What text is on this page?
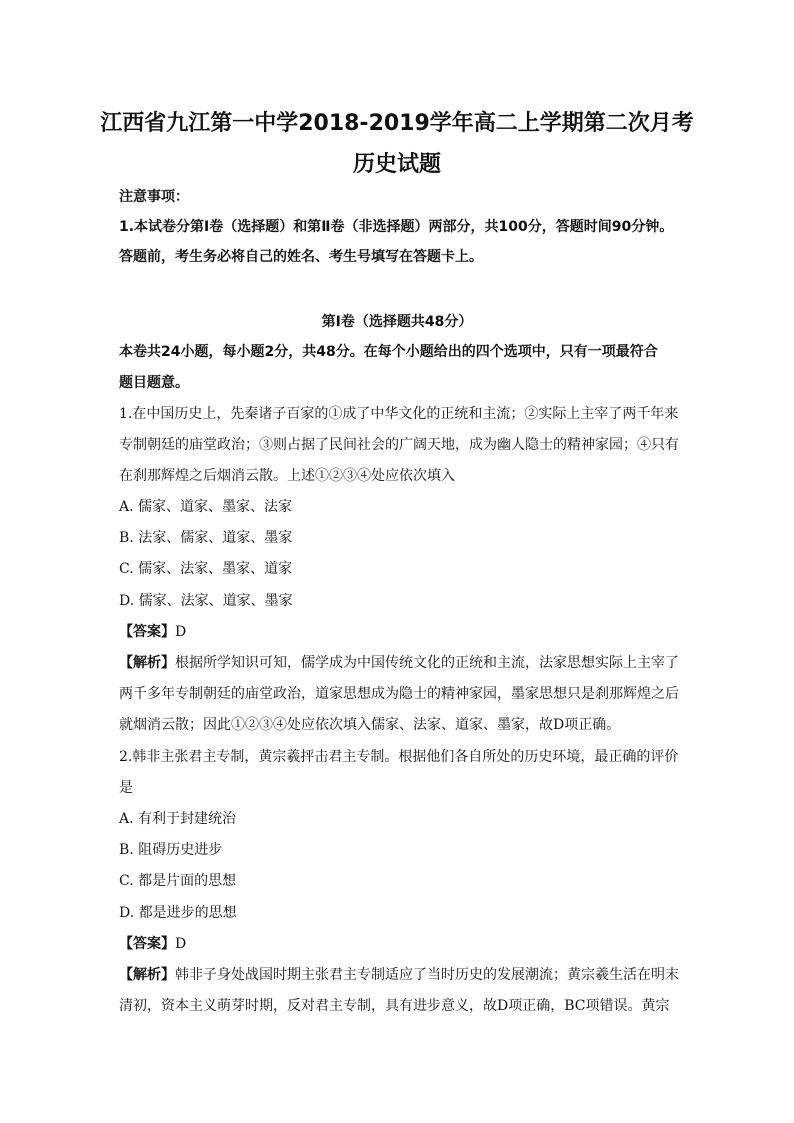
江西省九江第一中学2018-2019学年高二上学期第二次月考
历史试题
注意事项：
1.本试卷分第Ⅰ卷（选择题）和第Ⅱ卷（非选择题）两部分，共100分，答题时间90分钟。
答题前，考生务必将自己的姓名、考生号填写在答题卡上。
第Ⅰ卷（选择题共48分）
本卷共24小题，每小题2分，共48分。在每个小题给出的四个选项中，只有一项最符合
题目题意。
1.在中国历史上，先秦诸子百家的①成了中华文化的正统和主流；②实际上主宰了两千年来
专制朝廷的庙堂政治；③则占据了民间社会的广阔天地，成为幽人隐士的精神家园；④只有
在刹那辉煌之后烟消云散。上述①②③④处应依次填入
A. 儒家、道家、墨家、法家
B. 法家、儒家、道家、墨家
C. 儒家、法家、墨家、道家
D. 儒家、法家、道家、墨家
【答案】D
【解析】根据所学知识可知，儒学成为中国传统文化的正统和主流，法家思想实际上主宰了
两千多年专制朝廷的庙堂政治，道家思想成为隐士的精神家园，墨家思想只是刹那辉煌之后
就烟消云散；因此①②③④处应依次填入儒家、法家、道家、墨家，故D项正确。
2.韩非主张君主专制，黄宗羲抨击君主专制。根据他们各自所处的历史环境，最正确的评价
是
A. 有利于封建统治
B. 阻碍历史进步
C. 都是片面的思想
D. 都是进步的思想
【答案】D
【解析】韩非子身处战国时期主张君主专制适应了当时历史的发展潮流；黄宗羲生活在明末
清初，资本主义萌芽时期，反对君主专制，具有进步意义，故D项正确，BC项错误。黄宗
